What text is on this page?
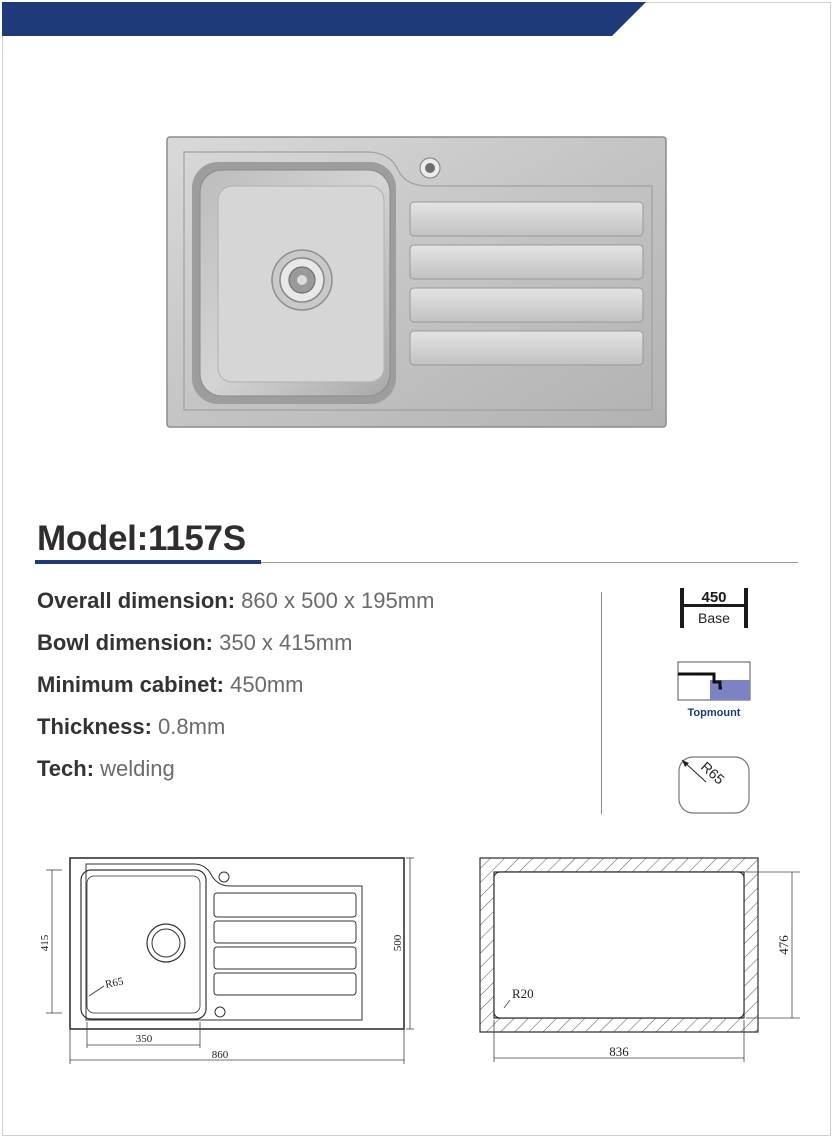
Model:1157S
Overall dimension: 860 x 500 x 195mm
Bowl dimension: 350 x 415mm
Minimum cabinet: 450mm
Thickness: 0.8mm
Tech: welding
450
Base
Topmount
R65
350
860
415	500
R65
836
476
R20
